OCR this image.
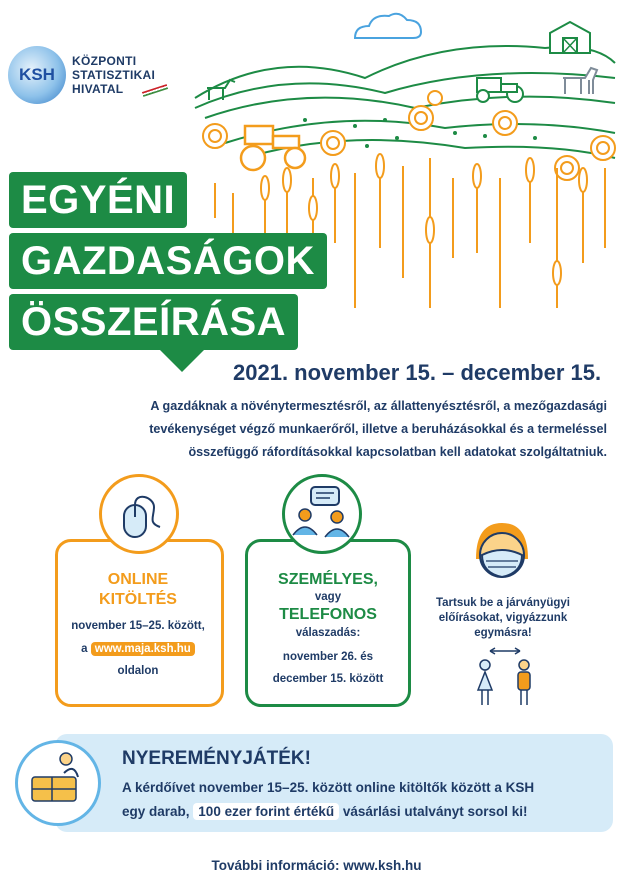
KSH
KÖZPONTI
STATISZTIKAI
HIVATAL
EGYÉNI
GAZDASÁGOK
ÖSSZEÍRÁSA
2021. november 15. – december 15.
A gazdáknak a növénytermesztésről, az állattenyésztésről, a mezőgazdasági
tevékenységet végző munkaerőről, illetve a beruházásokkal és a termeléssel
összefüggő ráfordításokkal kapcsolatban kell adatokat szolgáltatniuk.
ONLINE
KITÖLTÉS
november 15–25. között,
a www.maja.ksh.hu
oldalon
SZEMÉLYES,
vagy
TELEFONOS
válaszadás:
november 26. és
december 15. között
Tartsuk be a járványügyi
előírásokat, vigyázzunk
egymásra!
NYEREMÉNYJÁTÉK!
A kérdőívet november 15–25. között online kitöltők között a KSH
egy darab, 100 ezer forint értékű vásárlási utalványt sorsol ki!
További információ: www.ksh.hu
